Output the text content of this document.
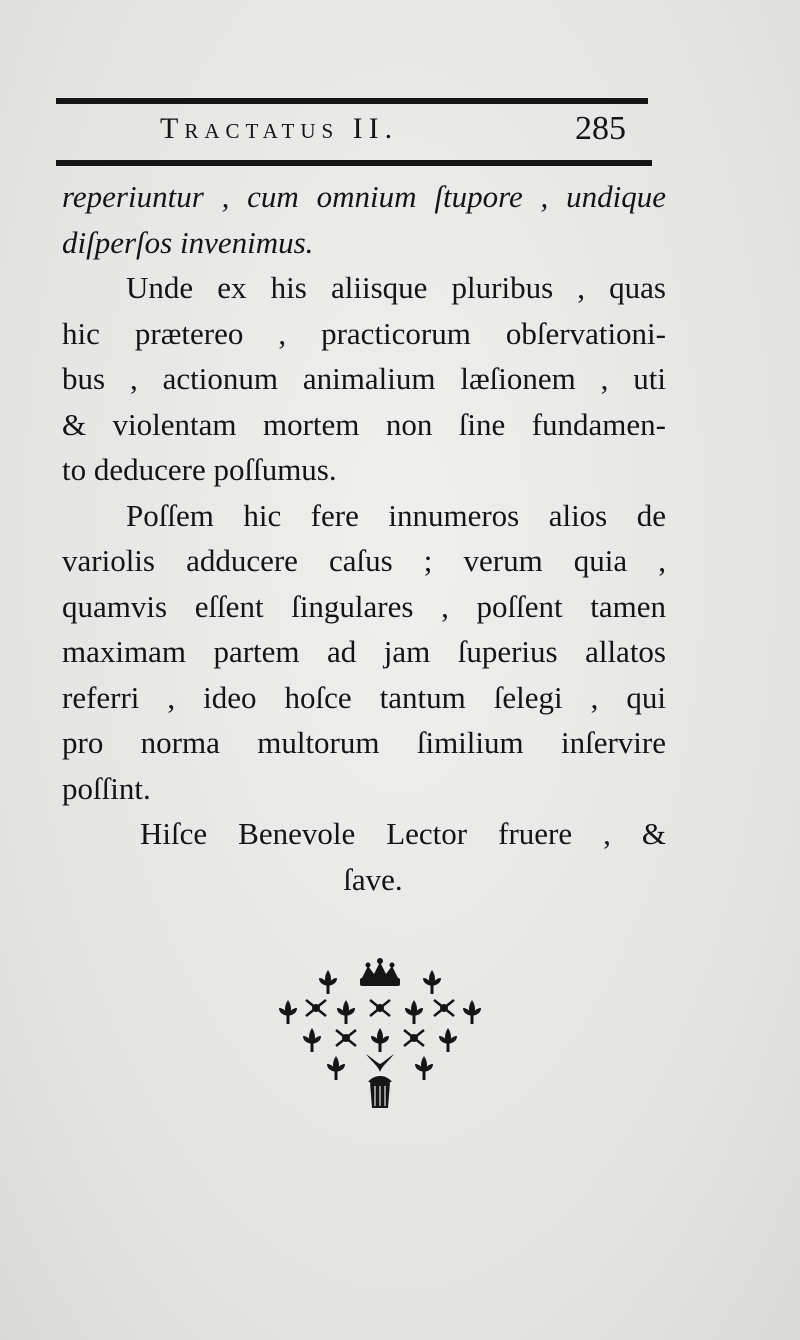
Tractatus II.	285
reperiuntur , cum omnium ſtupore , undique
diſperſos invenimus.
Unde ex his aliisque pluribus , quas
hic prætereo , practicorum obſervationi-
bus , actionum animalium læſionem , uti
& violentam mortem non ſine fundamen-
to deducere poſſumus.
Poſſem hic fere innumeros alios de
variolis adducere caſus ; verum quia ,
quamvis eſſent ſingulares , poſſent tamen
maximam partem ad jam ſuperius allatos
referri , ideo hoſce tantum ſelegi , qui
pro norma multorum ſimilium inſervire
poſſint.
Hiſce Benevole Lector fruere , &
ſave.
